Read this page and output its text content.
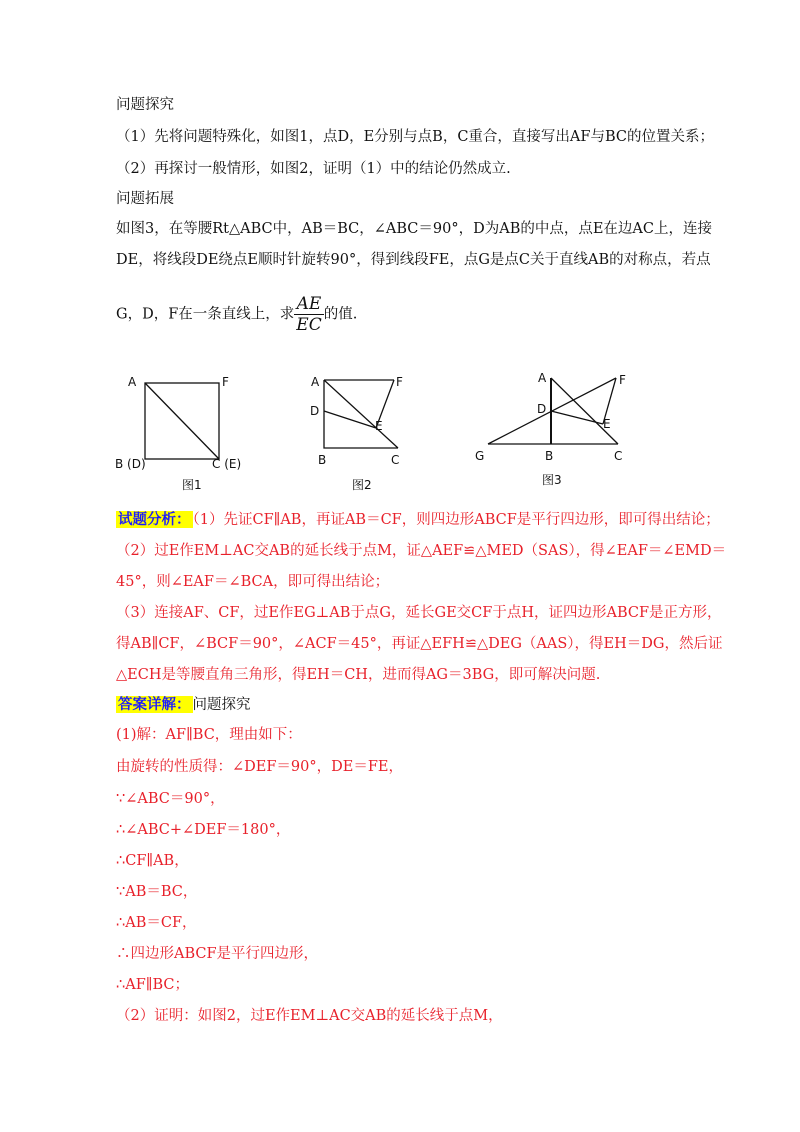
问题探究
（1）先将问题特殊化，如图1，点D，E分别与点B，C重合，直接写出AF与BC的位置关系；
（2）再探讨一般情形，如图2，证明（1）中的结论仍然成立.
问题拓展
如图3，在等腰Rt△ABC中，AB＝BC，∠ABC＝90°，D为AB的中点，点E在边AC上，连接
DE，将线段DE绕点E顺时针旋转90°，得到线段FE，点G是点C关于直线AB的对称点，若点
(1)解：AF∥BC，理由如下：
由旋转的性质得：∠DEF＝90°，DE＝FE，
∵∠ABC＝90°，
∴∠ABC+∠DEF＝180°，
∴CF∥AB，
∵AB＝BC，
∴AB＝CF，
∴四边形ABCF是平行四边形，
∴AF∥BC；
（2）证明：如图2，过E作EM⊥AC交AB的延长线于点M，
G，D，F在一条直线上，求 $\frac{AE}{EC}$ 的值.
A	F
B (D)	C (E)
图1
A	F
D
E
B	C
图2
A	F
D
E
G	B	C
图3
试题分析： （1）先证CF∥AB，再证AB＝CF，则四边形ABCF是平行四边形，即可得出结论；
（2）过E作EM⊥AC交AB的延长线于点M，证△AEF≌△MED（SAS），得∠EAF＝∠EMD＝
45°，则∠EAF＝∠BCA，即可得出结论；
（3）连接AF、CF，过E作EG⊥AB于点G，延长GE交CF于点H，证四边形ABCF是正方形，
得AB∥CF，∠BCF＝90°，∠ACF＝45°，再证△EFH≌△DEG（AAS），得EH＝DG，然后证
△ECH是等腰直角三角形，得EH＝CH，进而得AG＝3BG，即可解决问题.
答案详解： 问题探究
